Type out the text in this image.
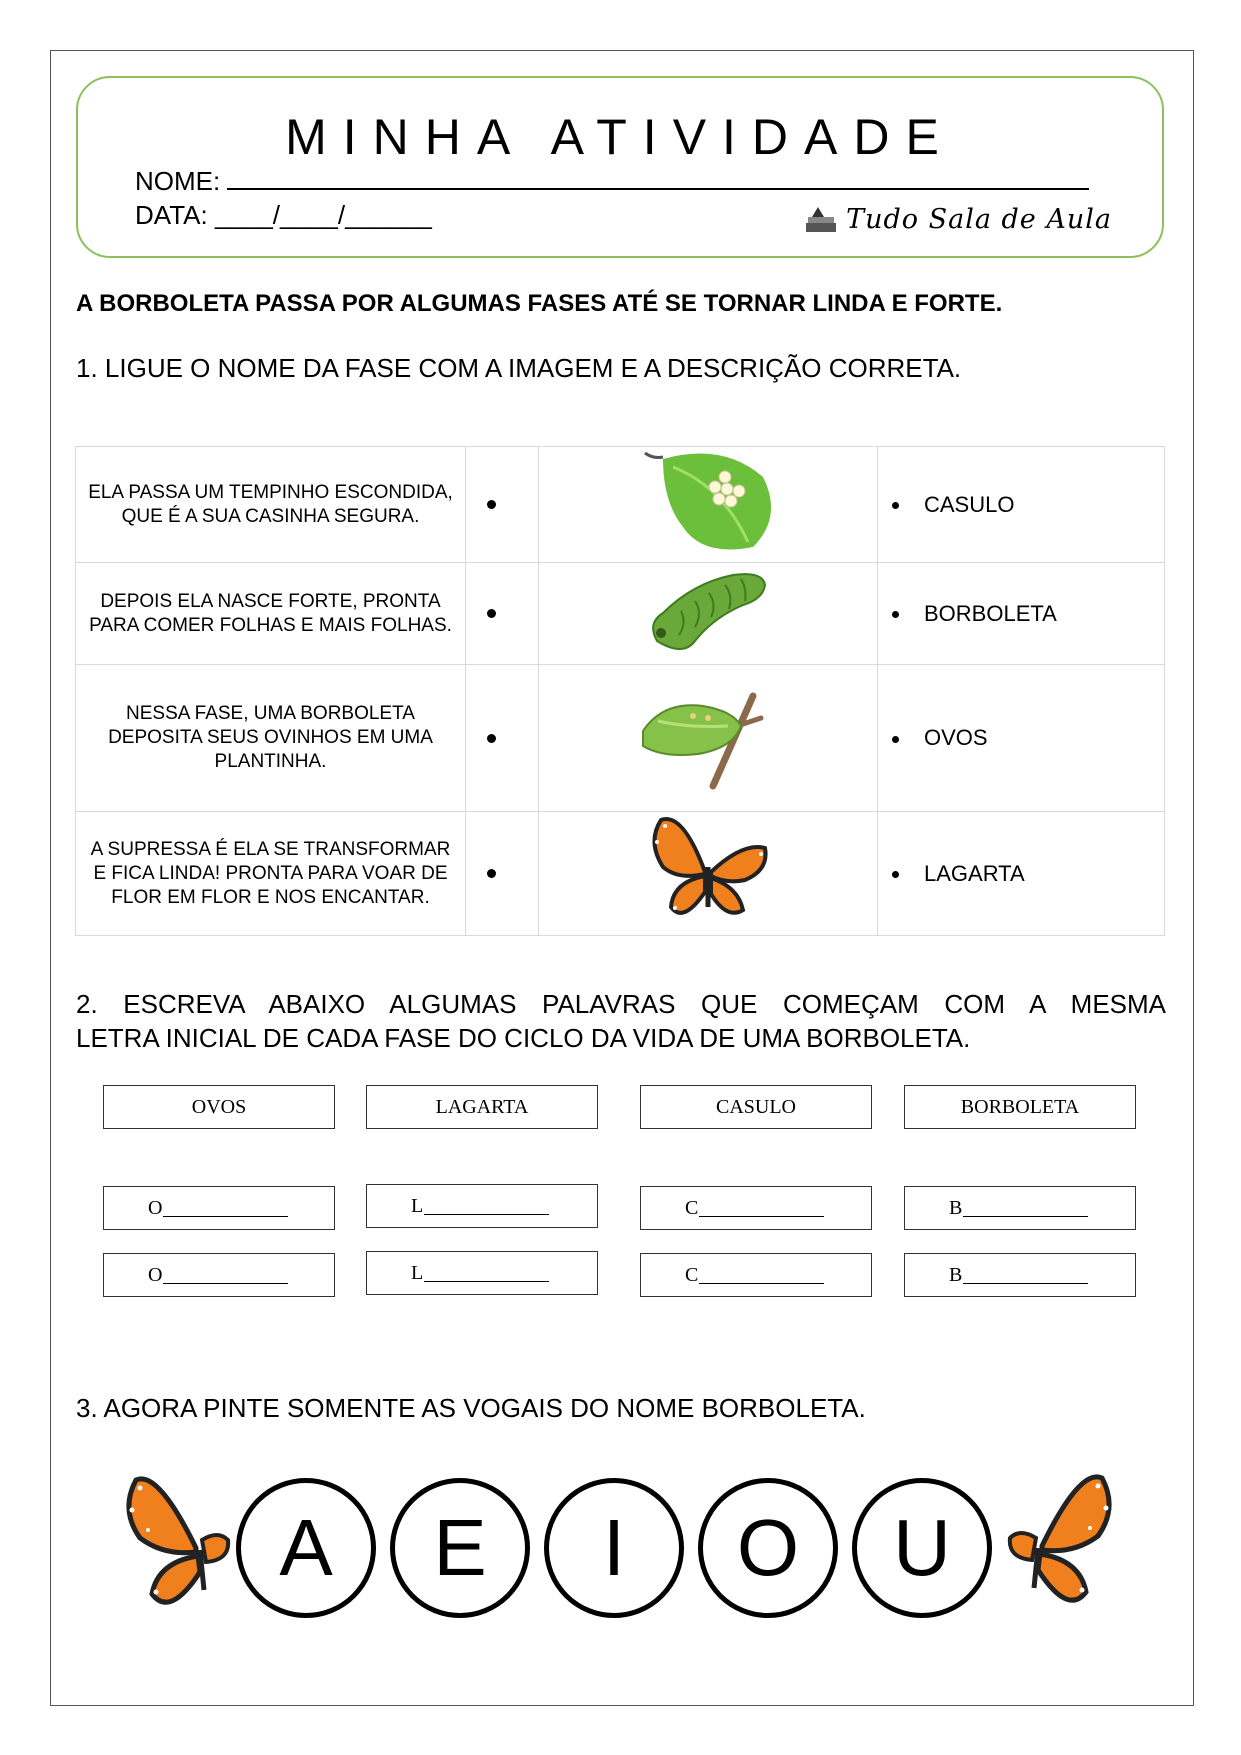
MINHA ATIVIDADE
NOME:
DATA: ____/____/______	Tudo Sala de Aula
A BORBOLETA PASSA POR ALGUMAS FASES ATÉ SE TORNAR LINDA E FORTE.
1. LIGUE O NOME DA FASE COM A IMAGEM E A DESCRIÇÃO CORRETA.
ELA PASSA UM TEMPINHO ESCONDIDA, QUE É A SUA CASINHA SEGURA.			CASULO
DEPOIS ELA NASCE FORTE, PRONTA PARA COMER FOLHAS E MAIS FOLHAS.			BORBOLETA
NESSA FASE, UMA BORBOLETA DEPOSITA SEUS OVINHOS EM UMA PLANTINHA.			OVOS
A SUPRESSA É ELA SE TRANSFORMAR E FICA LINDA! PRONTA PARA VOAR DE FLOR EM FLOR E NOS ENCANTAR.			LAGARTA
2. ESCREVA ABAIXO ALGUMAS PALAVRAS QUE COMEÇAM COM A MESMA
LETRA INICIAL DE CADA FASE DO CICLO DA VIDA DE UMA BORBOLETA.
OVOS	LAGARTA	CASULO	BORBOLETA
O	L	C	B
O	L	C	B
3. AGORA PINTE SOMENTE AS VOGAIS DO NOME BORBOLETA.
A	E	I	O	U
